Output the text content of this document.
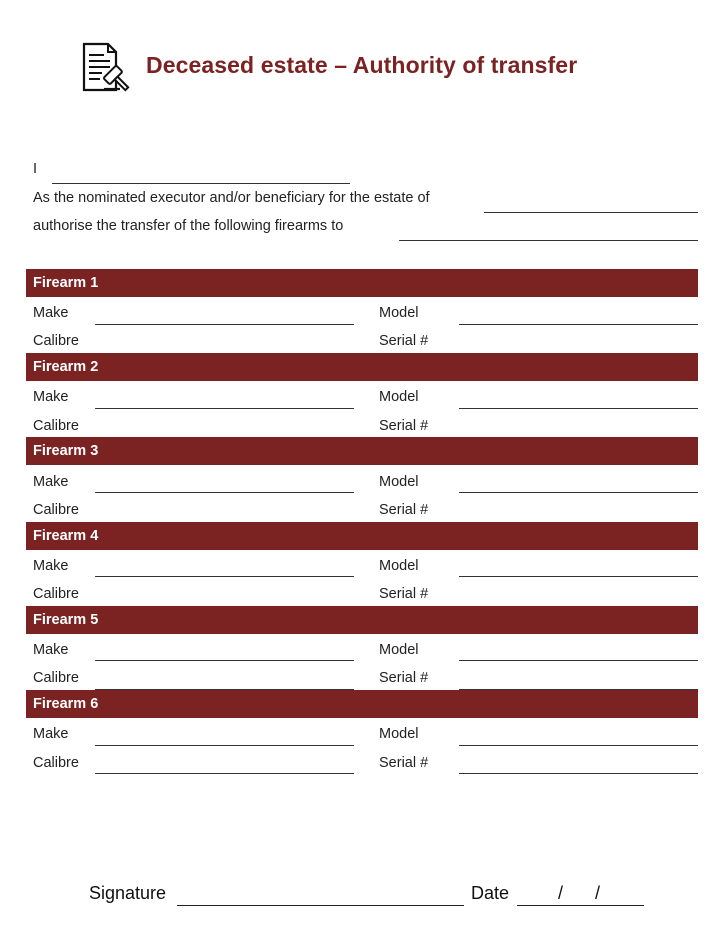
Deceased estate – Authority of transfer
I
As the nominated executor and/or beneficiary for the estate of
authorise the transfer of the following firearms to
Firearm 1
Make	Model
Calibre	Serial #
Firearm 2
Make	Model
Calibre	Serial #
Firearm 3
Make	Model
Calibre	Serial #
Firearm 4
Make	Model
Calibre	Serial #
Firearm 5
Make	Model
Calibre	Serial #
Firearm 6
Make	Model
Calibre	Serial #
Signature	Date	/ /
